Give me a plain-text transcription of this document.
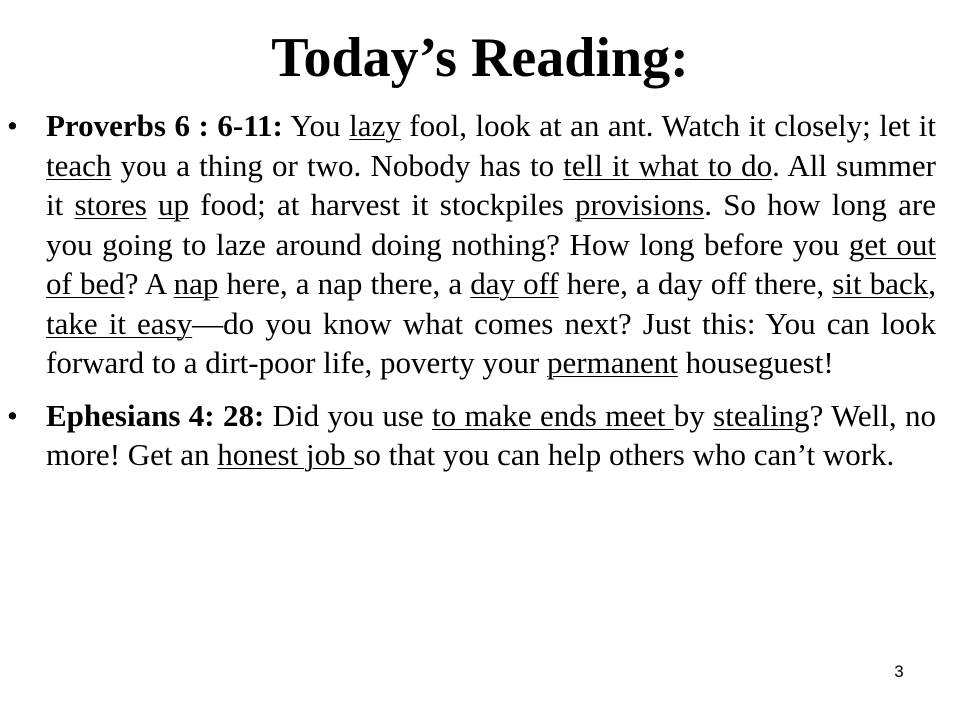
Today’s Reading:
• Proverbs 6 : 6-11: You lazy fool, look at an ant. Watch it closely; let it teach you a thing or two. Nobody has to tell it what to do. All summer it stores up food; at harvest it stockpiles provisions. So how long are you going to laze around doing nothing? How long before you get out of bed? A nap here, a nap there, a day off here, a day off there, sit back, take it easy—do you know what comes next? Just this: You can look forward to a dirt-poor life, poverty your permanent houseguest!
• Ephesians 4: 28: Did you use to make ends meet by stealing? Well, no more! Get an honest job so that you can help others who can’t work.
3
